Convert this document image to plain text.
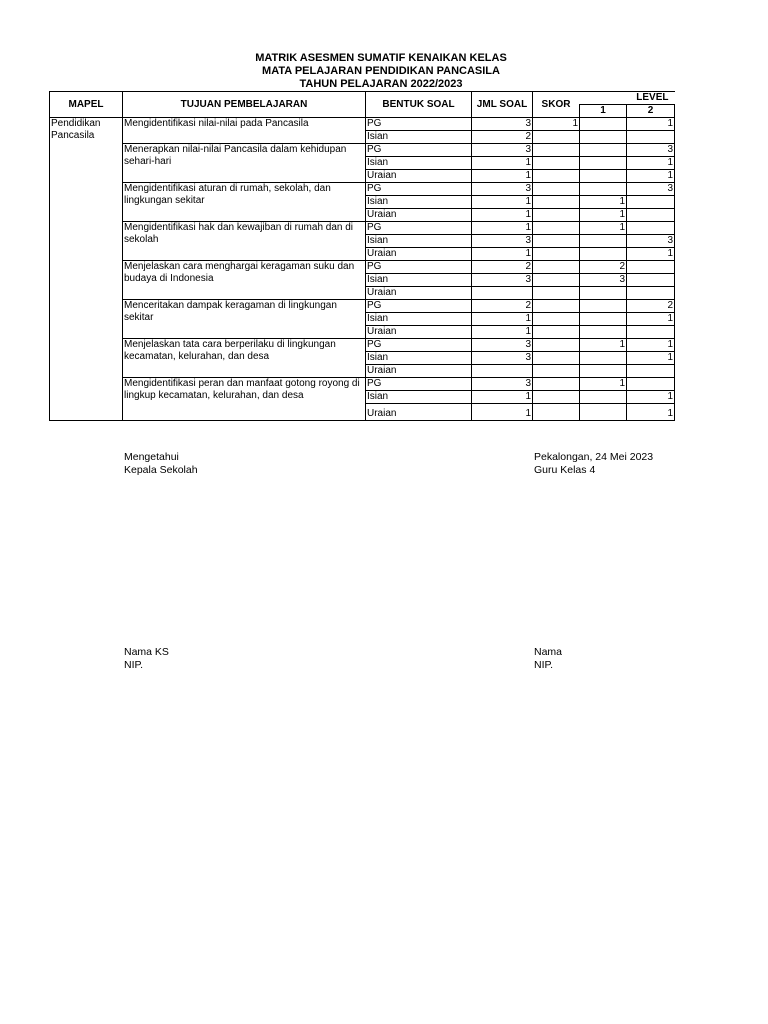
MATRIK ASESMEN SUMATIF KENAIKAN KELAS
MATA PELAJARAN PENDIDIKAN PANCASILA
TAHUN PELAJARAN 2022/2023
MAPEL	TUJUAN PEMBELAJARAN	BENTUK SOAL	JML SOAL	SKOR	LEVEL	
					1	2
Pendidikan Pancasila	Mengidentifikasi nilai-nilai pada Pancasila	PG	3	1		1
		Isian	2			
	Menerapkan nilai-nilai Pancasila dalam kehidupan sehari-hari	PG	3			3
		Isian	1			1
		Uraian	1			1
	Mengidentifikasi aturan di rumah, sekolah, dan lingkungan sekitar	PG	3			3
		Isian	1		1	
		Uraian	1		1	
	Mengidentifikasi hak dan kewajiban di rumah dan di sekolah	PG	1		1	
		Isian	3			3
		Uraian	1			1
	Menjelaskan cara menghargai keragaman suku dan budaya di Indonesia	PG	2		2	
		Isian	3		3	
		Uraian				
	Menceritakan dampak keragaman di lingkungan sekitar	PG	2			2
		Isian	1			1
		Uraian	1			
	Menjelaskan tata cara berperilaku di lingkungan kecamatan, kelurahan, dan desa	PG	3		1	1
		Isian	3			1
		Uraian				
	Mengidentifikasi peran dan manfaat gotong royong di lingkup kecamatan, kelurahan, dan desa	PG	3		1	
		Isian	1			1
		Uraian	1			1
Mengetahui
Kepala Sekolah
Pekalongan, 24 Mei 2023
Guru Kelas 4
Nama KS
NIP.
Nama
NIP.
